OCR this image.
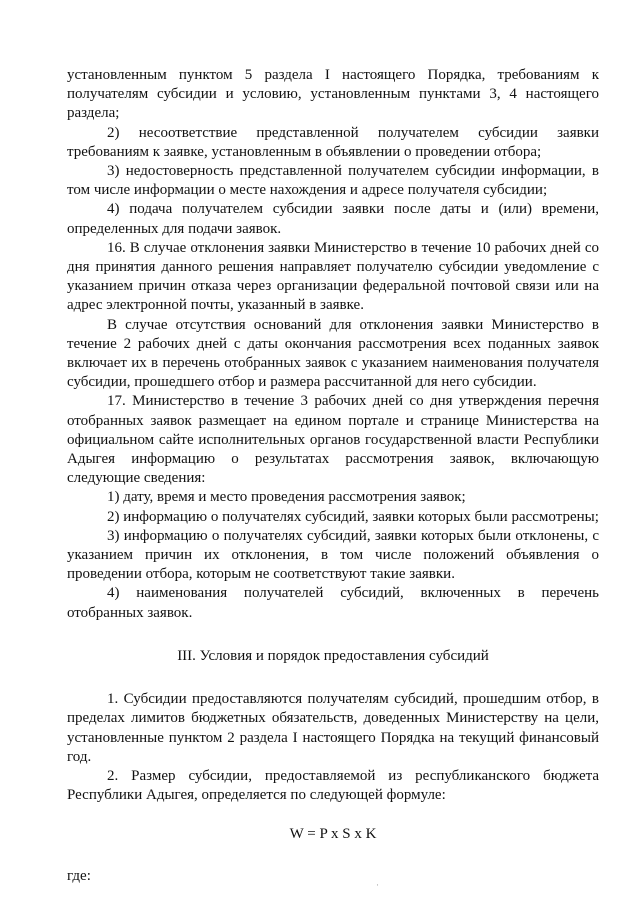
установленным пунктом 5 раздела I настоящего Порядка, требованиям к получателям субсидии и условию, установленным пунктами 3, 4 настоящего раздела;

2) несоответствие представленной получателем субсидии заявки требованиям к заявке, установленным в объявлении о проведении отбора;

3) недостоверность представленной получателем субсидии информации, в том числе информации о месте нахождения и адресе получателя субсидии;

4) подача получателем субсидии заявки после даты и (или) времени, определенных для подачи заявок.

16. В случае отклонения заявки Министерство в течение 10 рабочих дней со дня принятия данного решения направляет получателю субсидии уведомление с указанием причин отказа через организации федеральной почтовой связи или на адрес электронной почты, указанный в заявке.

В случае отсутствия оснований для отклонения заявки Министерство в течение 2 рабочих дней с даты окончания рассмотрения всех поданных заявок включает их в перечень отобранных заявок с указанием наименования получателя субсидии, прошедшего отбор и размера рассчитанной для него субсидии.

17. Министерство в течение 3 рабочих дней со дня утверждения перечня отобранных заявок размещает на едином портале и странице Министерства на официальном сайте исполнительных органов государственной власти Республики Адыгея информацию о результатах рассмотрения заявок, включающую следующие сведения:

1) дату, время и место проведения рассмотрения заявок;

2) информацию о получателях субсидий, заявки которых были рассмотрены;

3) информацию о получателях субсидий, заявки которых были отклонены, с указанием причин их отклонения, в том числе положений объявления о проведении отбора, которым не соответствуют такие заявки.

4) наименования получателей субсидий, включенных в перечень отобранных заявок.

III. Условия и порядок предоставления субсидий

1. Субсидии предоставляются получателям субсидий, прошедшим отбор, в пределах лимитов бюджетных обязательств, доведенных Министерству на цели, установленные пунктом 2 раздела I настоящего Порядка на текущий финансовый год.

2. Размер субсидии, предоставляемой из республиканского бюджета Республики Адыгея, определяется по следующей формуле:

W = P x S x K

где:

·
